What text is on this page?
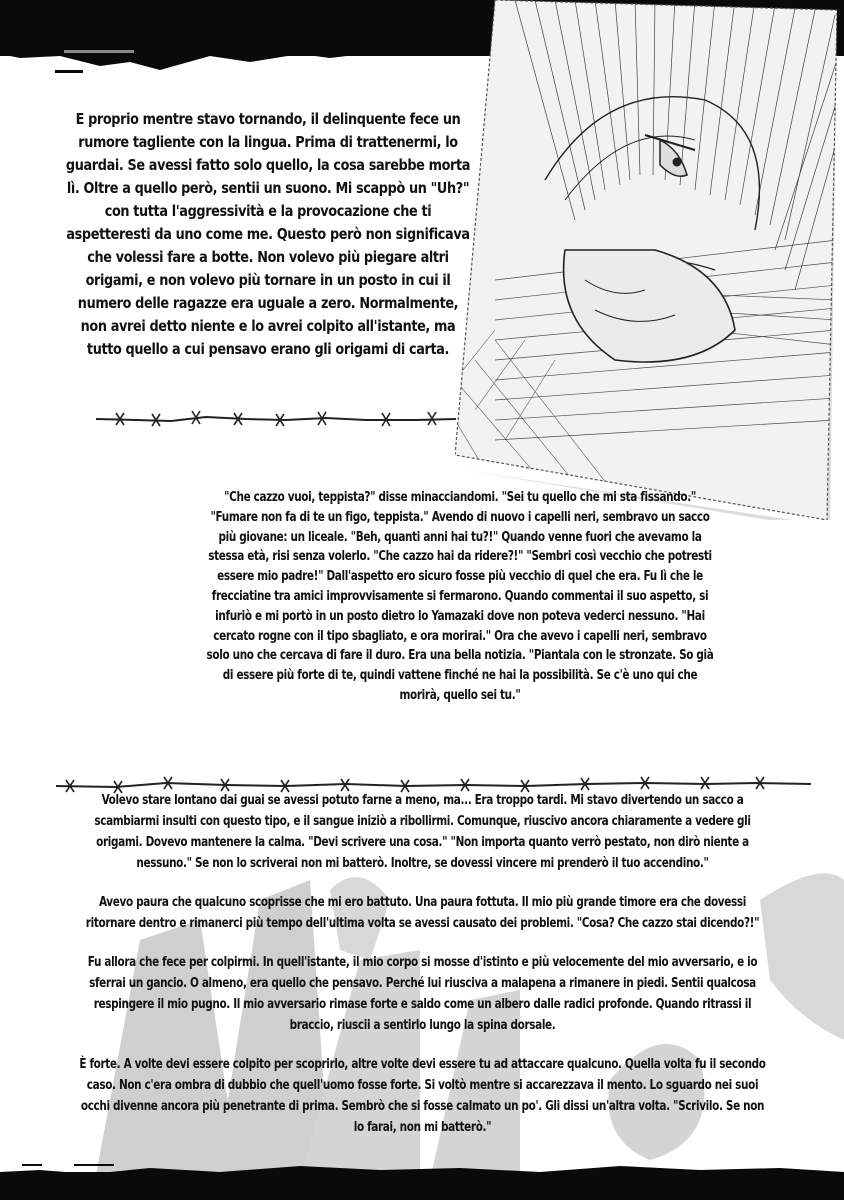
E proprio mentre stavo tornando, il delinquente fece un rumore tagliente con la lingua. Prima di trattenermi, lo guardai. Se avessi fatto solo quello, la cosa sarebbe morta lì. Oltre a quello però, sentii un suono. Mi scappò un "Uh?" con tutta l'aggressività e la provocazione che ti aspetteresti da uno come me. Questo però non significava che volessi fare a botte. Non volevo più piegare altri origami, e non volevo più tornare in un posto in cui il numero delle ragazze era uguale a zero. Normalmente, non avrei detto niente e lo avrei colpito all'istante, ma tutto quello a cui pensavo erano gli origami di carta.

"Che cazzo vuoi, teppista?" disse minacciandomi. "Sei tu quello che mi sta fissando." "Fumare non fa di te un figo, teppista." Avendo di nuovo i capelli neri, sembravo un sacco più giovane: un liceale. "Beh, quanti anni hai tu?!" Quando venne fuori che avevamo la stessa età, risi senza volerlo. "Che cazzo hai da ridere?!" "Sembri così vecchio che potresti essere mio padre!" Dall'aspetto ero sicuro fosse più vecchio di quel che era. Fu lì che le frecciatine tra amici improvvisamente si fermarono. Quando commentai il suo aspetto, si infuriò e mi portò in un posto dietro lo Yamazaki dove non poteva vederci nessuno. "Hai cercato rogne con il tipo sbagliato, e ora morirai." Ora che avevo i capelli neri, sembravo solo uno che cercava di fare il duro. Era una bella notizia. "Piantala con le stronzate. So già di essere più forte di te, quindi vattene finché ne hai la possibilità. Se c'è uno qui che morirà, quello sei tu."

Volevo stare lontano dai guai se avessi potuto farne a meno, ma... Era troppo tardi. Mi stavo divertendo un sacco a scambiarmi insulti con questo tipo, e il sangue iniziò a ribollirmi. Comunque, riuscivo ancora chiaramente a vedere gli origami. Dovevo mantenere la calma. "Devi scrivere una cosa." "Non importa quanto verrò pestato, non dirò niente a nessuno." Se non lo scriverai non mi batterò. Inoltre, se dovessi vincere mi prenderò il tuo accendino."

Avevo paura che qualcuno scoprisse che mi ero battuto. Una paura fottuta. Il mio più grande timore era che dovessi ritornare dentro e rimanerci più tempo dell'ultima volta se avessi causato dei problemi. "Cosa? Che cazzo stai dicendo?!"

Fu allora che fece per colpirmi. In quell'istante, il mio corpo si mosse d'istinto e più velocemente del mio avversario, e io sferrai un gancio. O almeno, era quello che pensavo. Perché lui riusciva a malapena a rimanere in piedi. Sentii qualcosa respingere il mio pugno. Il mio avversario rimase forte e saldo come un albero dalle radici profonde. Quando ritrassi il braccio, riuscii a sentirlo lungo la spina dorsale.

È forte. A volte devi essere colpito per scoprirlo, altre volte devi essere tu ad attaccare qualcuno. Quella volta fu il secondo caso. Non c'era ombra di dubbio che quell'uomo fosse forte. Si voltò mentre si accarezzava il mento. Lo sguardo nei suoi occhi divenne ancora più penetrante di prima. Sembrò che si fosse calmato un po'. Gli dissi un'altra volta. "Scrivilo. Se non lo farai, non mi batterò."
